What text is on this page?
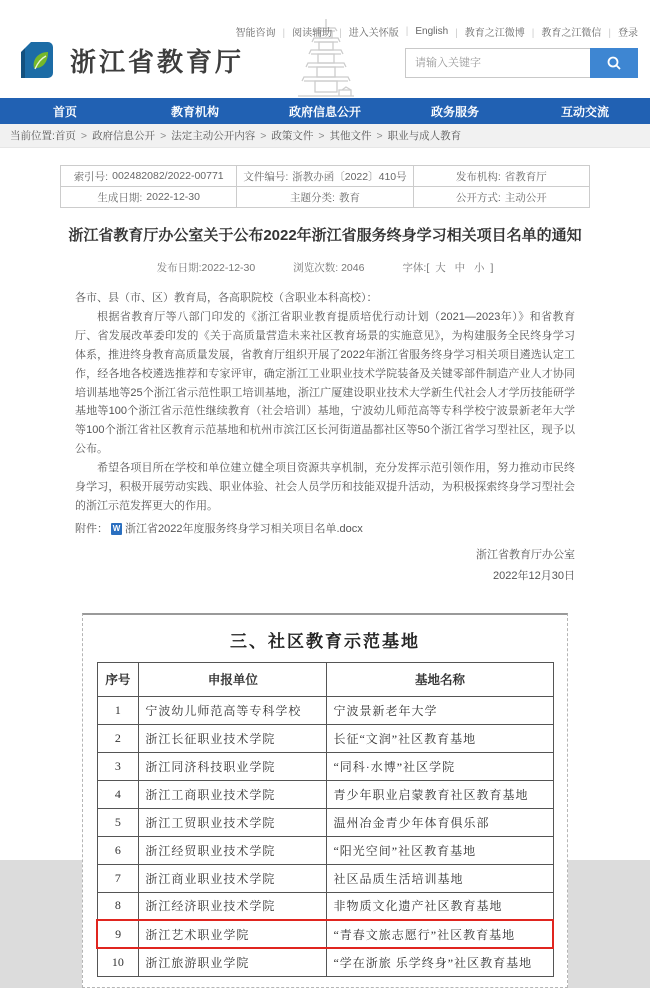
浙江省教育厅
智能咨询	| 阅读辅助	| 进入关怀版	| English	| 教育之江微博	| 教育之江微信	| 登录
请输入关键字
首页	教育机构	政府信息公开	政务服务	互动交流
当前位置: 首页	> 政府信息公开	> 法定主动公开内容	> 政策文件	> 其他文件	> 职业与成人教育
索引号: 002482082/2022-00771 文件编号: 浙教办函〔2022〕410号	发布机构: 省教育厅
生成日期: 2022-12-30	主题分类: 教育	公开方式: 主动公开
浙江省教育厅办公室关于公布2022年浙江省服务终身学习相关项目名单的通知
发布日期:2022-12-30	浏览次数: 2046	字体:[ 大 中 小 ]

各市、县（市、区）教育局，各高职院校（含职业本科高校）：

根据省教育厅等八部门印发的《浙江省职业教育提质培优行动计划（2021—2023年）》和省教育厅、省发展改革委印发的《关于高质量营造未来社区教育场景的实施意见》，为构建服务全民终身学习体系，推进终身教育高质量发展，省教育厅组织开展了2022年浙江省服务终身学习相关项目遴选认定工作，经各地各校遴选推荐和专家评审，确定浙江工业职业技术学院装备及关键零部件制造产业人才协同培训基地等25个浙江省示范性职工培训基地，浙江广厦建设职业技术大学新生代社会人才学历技能研学基地等100个浙江省示范性继续教育（社会培训）基地，宁波幼儿师范高等专科学校宁波景新老年大学等100个浙江省社区教育示范基地和杭州市滨江区长河街道晶都社区等50个浙江省学习型社区，现予以公布。

希望各项目所在学校和单位建立健全项目资源共享机制，充分发挥示范引领作用，努力推动市民终身学习，积极开展劳动实践、职业体验、社会人员学历和技能双提升活动，为积极探索终身学习型社会的浙江示范发挥更大的作用。

附件： W 浙江省2022年度服务终身学习相关项目名单.docx
浙江省教育厅办公室
2022年12月30日
三、社区教育示范基地
序号	申报单位	基地名称
1	宁波幼儿师范高等专科学校	宁波景新老年大学
2	浙江长征职业技术学院	长征“文润”社区教育基地
3	浙江同济科技职业学院	“同科·水博”社区学院
4	浙江工商职业技术学院	青少年职业启蒙教育社区教育基地
5	浙江工贸职业技术学院	温州冶金青少年体育俱乐部
6	浙江经贸职业技术学院	“阳光空间”社区教育基地
7	浙江商业职业技术学院	社区品质生活培训基地
8	浙江经济职业技术学院	非物质文化遗产社区教育基地
9	浙江艺术职业学院	“青春文旅志愿行”社区教育基地
10	浙江旅游职业学院	“学在浙旅 乐学终身”社区教育基地
